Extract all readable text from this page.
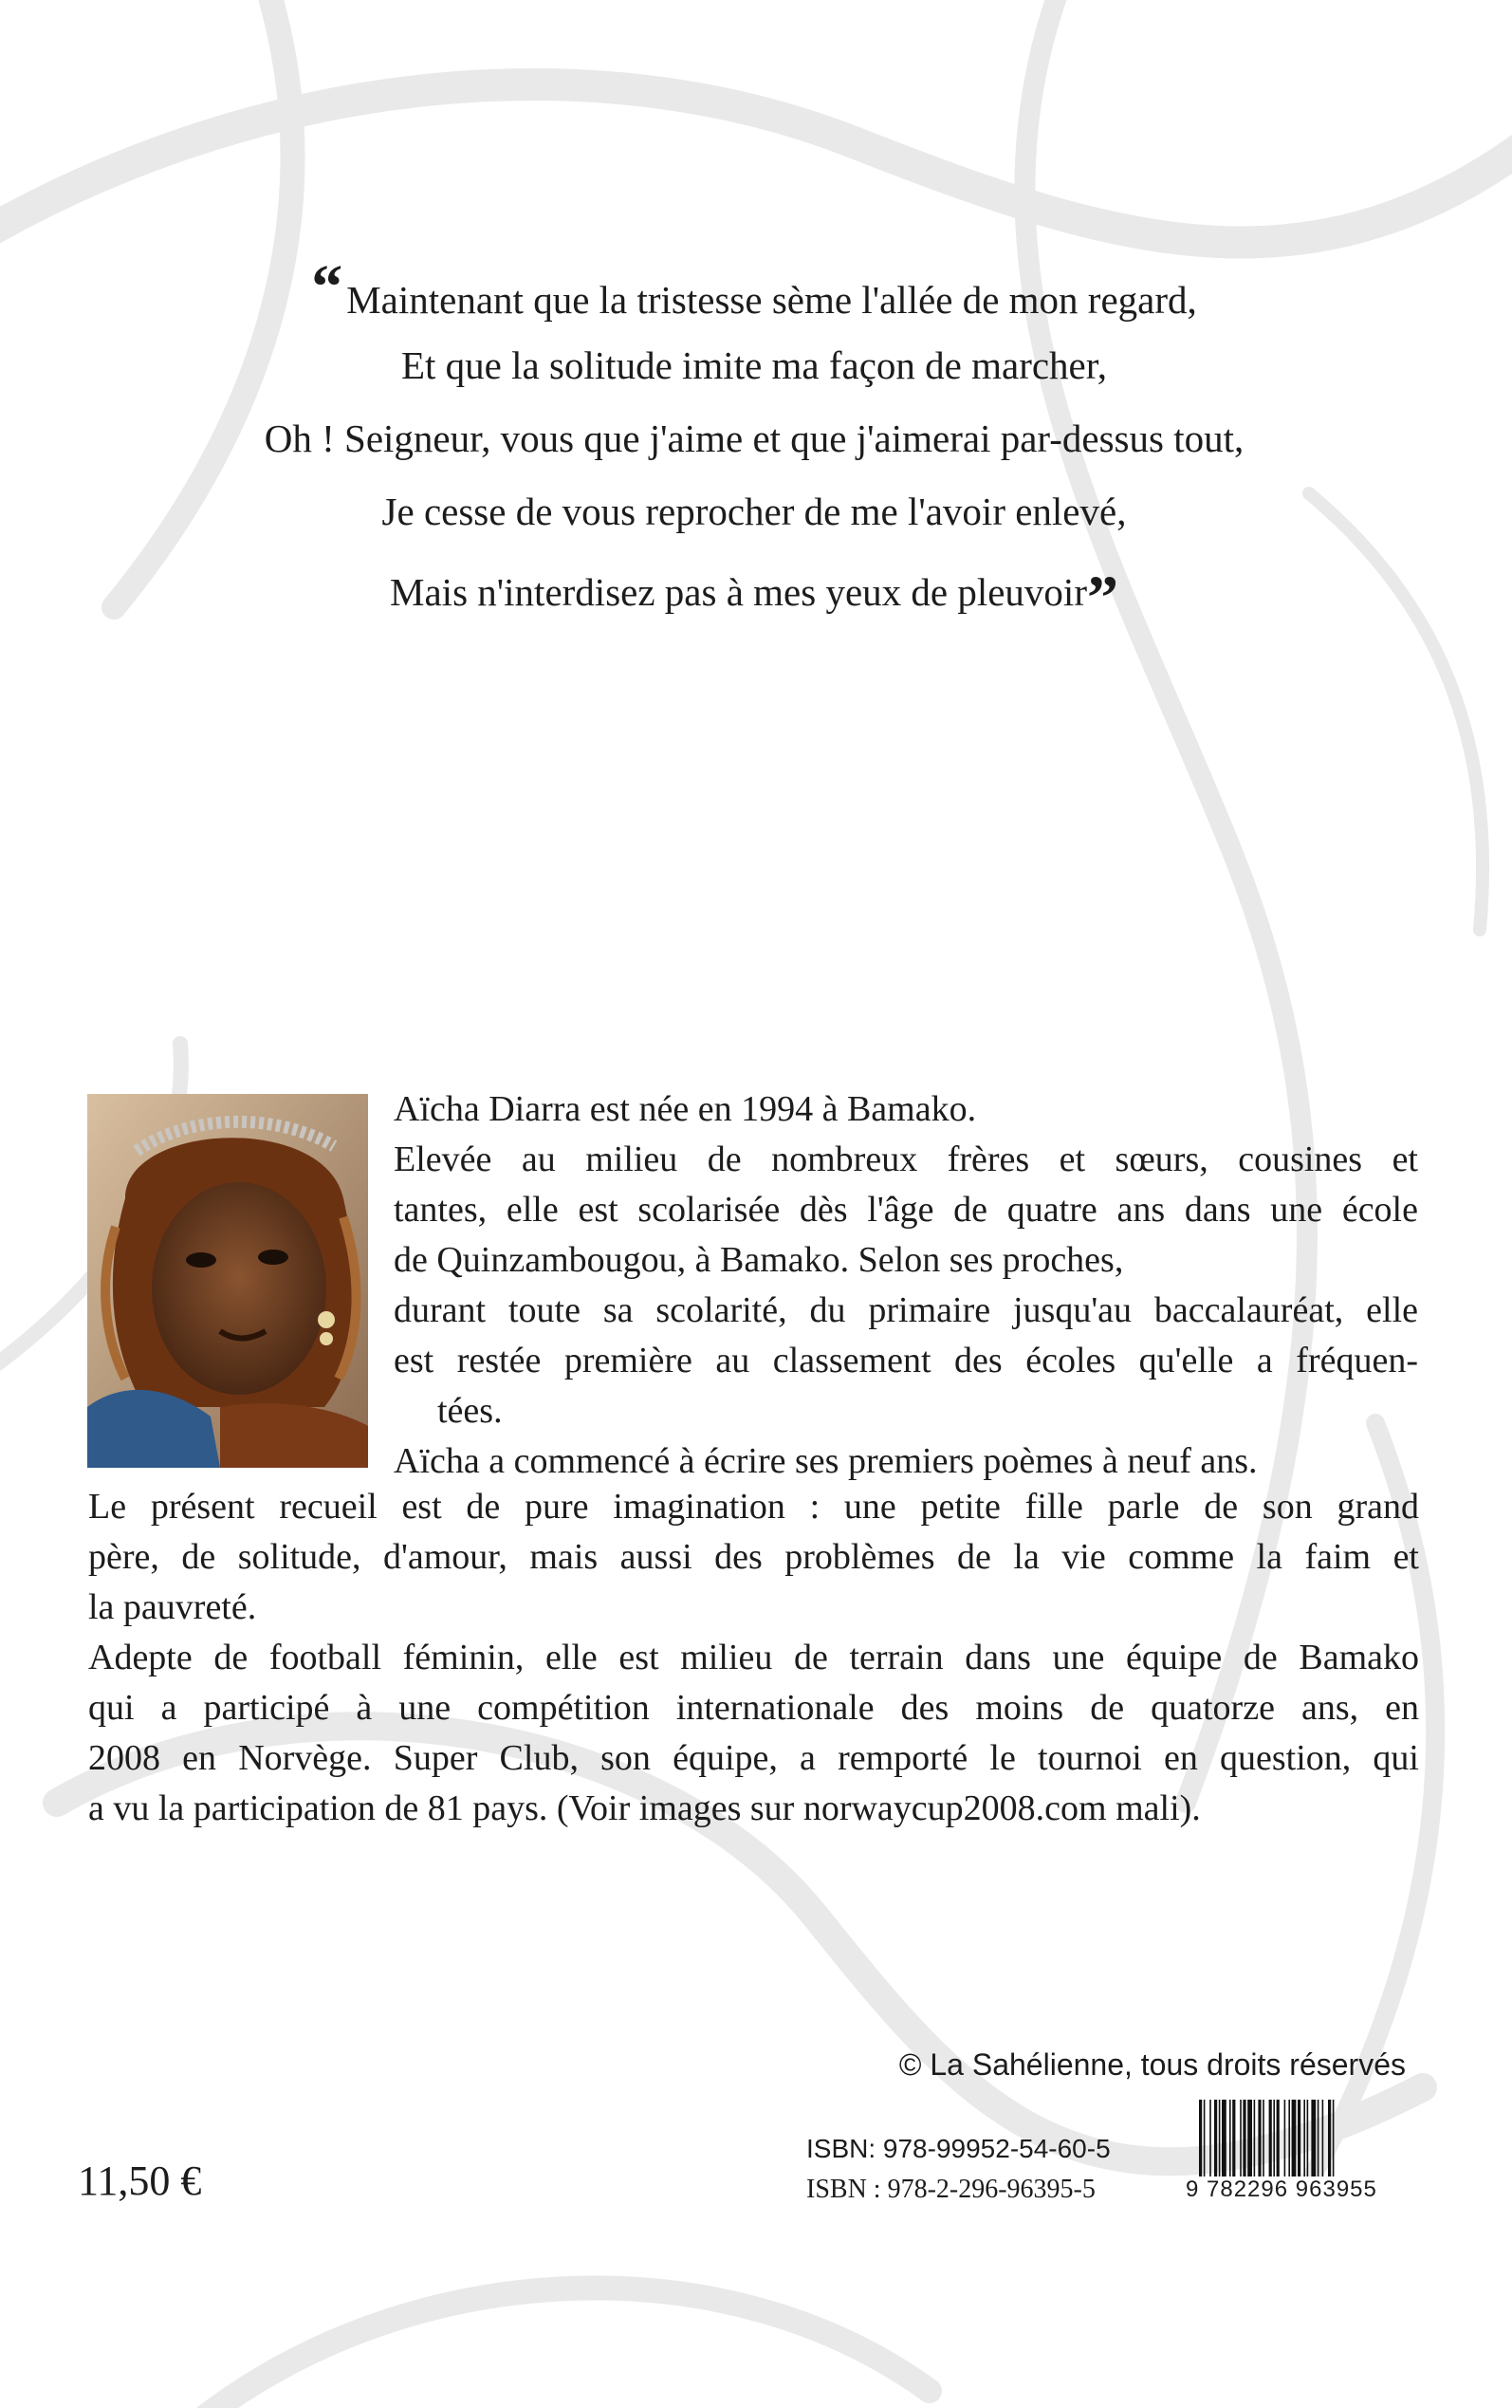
“Maintenant que la tristesse sème l'allée de mon regard,
Et que la solitude imite ma façon de marcher,
Oh ! Seigneur, vous que j'aime et que j'aimerai par-dessus tout,
Je cesse de vous reprocher de me l'avoir enlevé,
Mais n'interdisez pas à mes yeux de pleuvoir”
Aïcha Diarra est née en 1994 à Bamako.
Elevée au milieu de nombreux frères et sœurs, cousines et
tantes, elle est scolarisée dès l'âge de quatre ans dans une école
de Quinzambougou, à Bamako. Selon ses proches,
durant toute sa scolarité, du primaire jusqu'au baccalauréat, elle
est restée première au classement des écoles qu'elle a fréquen-
tées.
Aïcha a commencé à écrire ses premiers poèmes à neuf ans.
Le présent recueil est de pure imagination : une petite fille parle de son grand
père, de solitude, d'amour, mais aussi des problèmes de la vie comme la faim et
la pauvreté.
Adepte de football féminin, elle est milieu de terrain dans une équipe de Bamako
qui a participé à une compétition internationale des moins de quatorze ans, en
2008 en Norvège. Super Club, son équipe, a remporté le tournoi en question, qui
a vu la participation de 81 pays. (Voir images sur norwaycup2008.com mali).
© La Sahélienne, tous droits réservés
ISBN: 978-99952-54-60-5
ISBN : 978-2-296-96395-5
11,50 €	9 782296 963955
